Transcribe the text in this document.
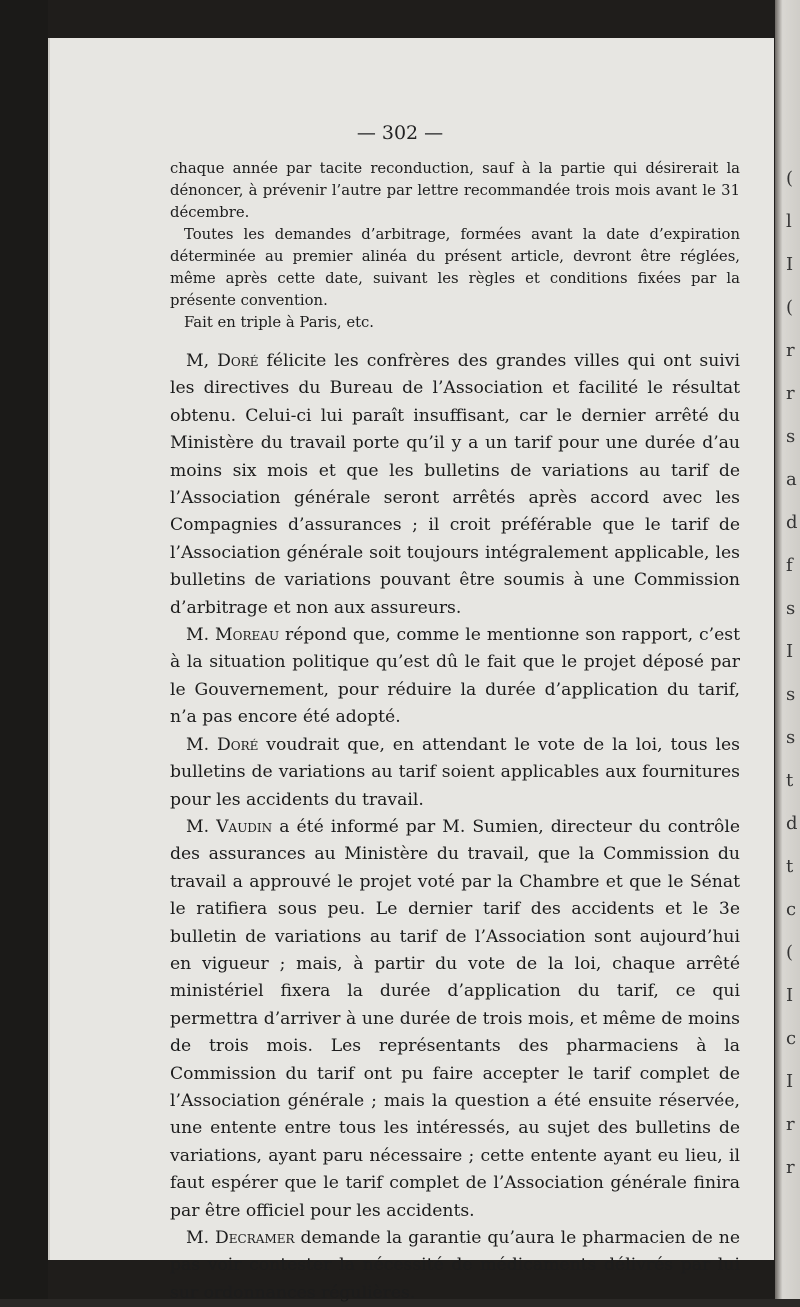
(
l
I
(
r
r
s
a
d
f
s
I
s
s
t
d
t
c
(
I
c
I
r
r
— 302 —

chaque année par tacite reconduction, sauf à la partie qui désirerait la dénoncer, à prévenir l’autre par lettre recommandée trois mois avant le 31 décembre.

Toutes les demandes d’arbitrage, formées avant la date d’expiration déterminée au premier alinéa du présent article, devront être réglées, même après cette date, suivant les règles et conditions fixées par la présente convention.

Fait en triple à Paris, etc.

M, Doré félicite les confrères des grandes villes qui ont suivi les directives du Bureau de l’Association et facilité le résultat obtenu. Celui-ci lui paraît insuffisant, car le dernier arrêté du Ministère du travail porte qu’il y a un tarif pour une durée d’au moins six mois et que les bulletins de variations au tarif de l’Association générale seront arrêtés après accord avec les Compagnies d’assurances ; il croit préférable que le tarif de l’Association générale soit toujours intégralement applicable, les bulletins de variations pouvant être soumis à une Commission d’arbitrage et non aux assureurs.

M. Moreau répond que, comme le mentionne son rapport, c’est à la situation politique qu’est dû le fait que le projet déposé par le Gouvernement, pour réduire la durée d’application du tarif, n’a pas encore été adopté.

M. Doré voudrait que, en attendant le vote de la loi, tous les bulletins de variations au tarif soient applicables aux fournitures pour les accidents du travail.

M. Vaudin a été informé par M. Sumien, directeur du contrôle des assurances au Ministère du travail, que la Commission du travail a approuvé le projet voté par la Chambre et que le Sénat le ratifiera sous peu. Le dernier tarif des accidents et le 3e bulletin de variations au tarif de l’Association sont aujourd’hui en vigueur ; mais, à partir du vote de la loi, chaque arrêté ministériel fixera la durée d’application du tarif, ce qui permettra d’arriver à une durée de trois mois, et même de moins de trois mois. Les représentants des pharmaciens à la Commission du tarif ont pu faire accepter le tarif complet de l’Association générale ; mais la question a été ensuite réservée, une entente entre tous les intéressés, au sujet des bulletins de variations, ayant paru nécessaire ; cette entente ayant eu lieu, il faut espérer que le tarif complet de l’Association générale finira par être officiel pour les accidents.

M. Decramer demande la garantie qu’aura le pharmacien de ne pas voir contester la nécessité de médicaments délivrés par lui sur ordonnances régulières.
